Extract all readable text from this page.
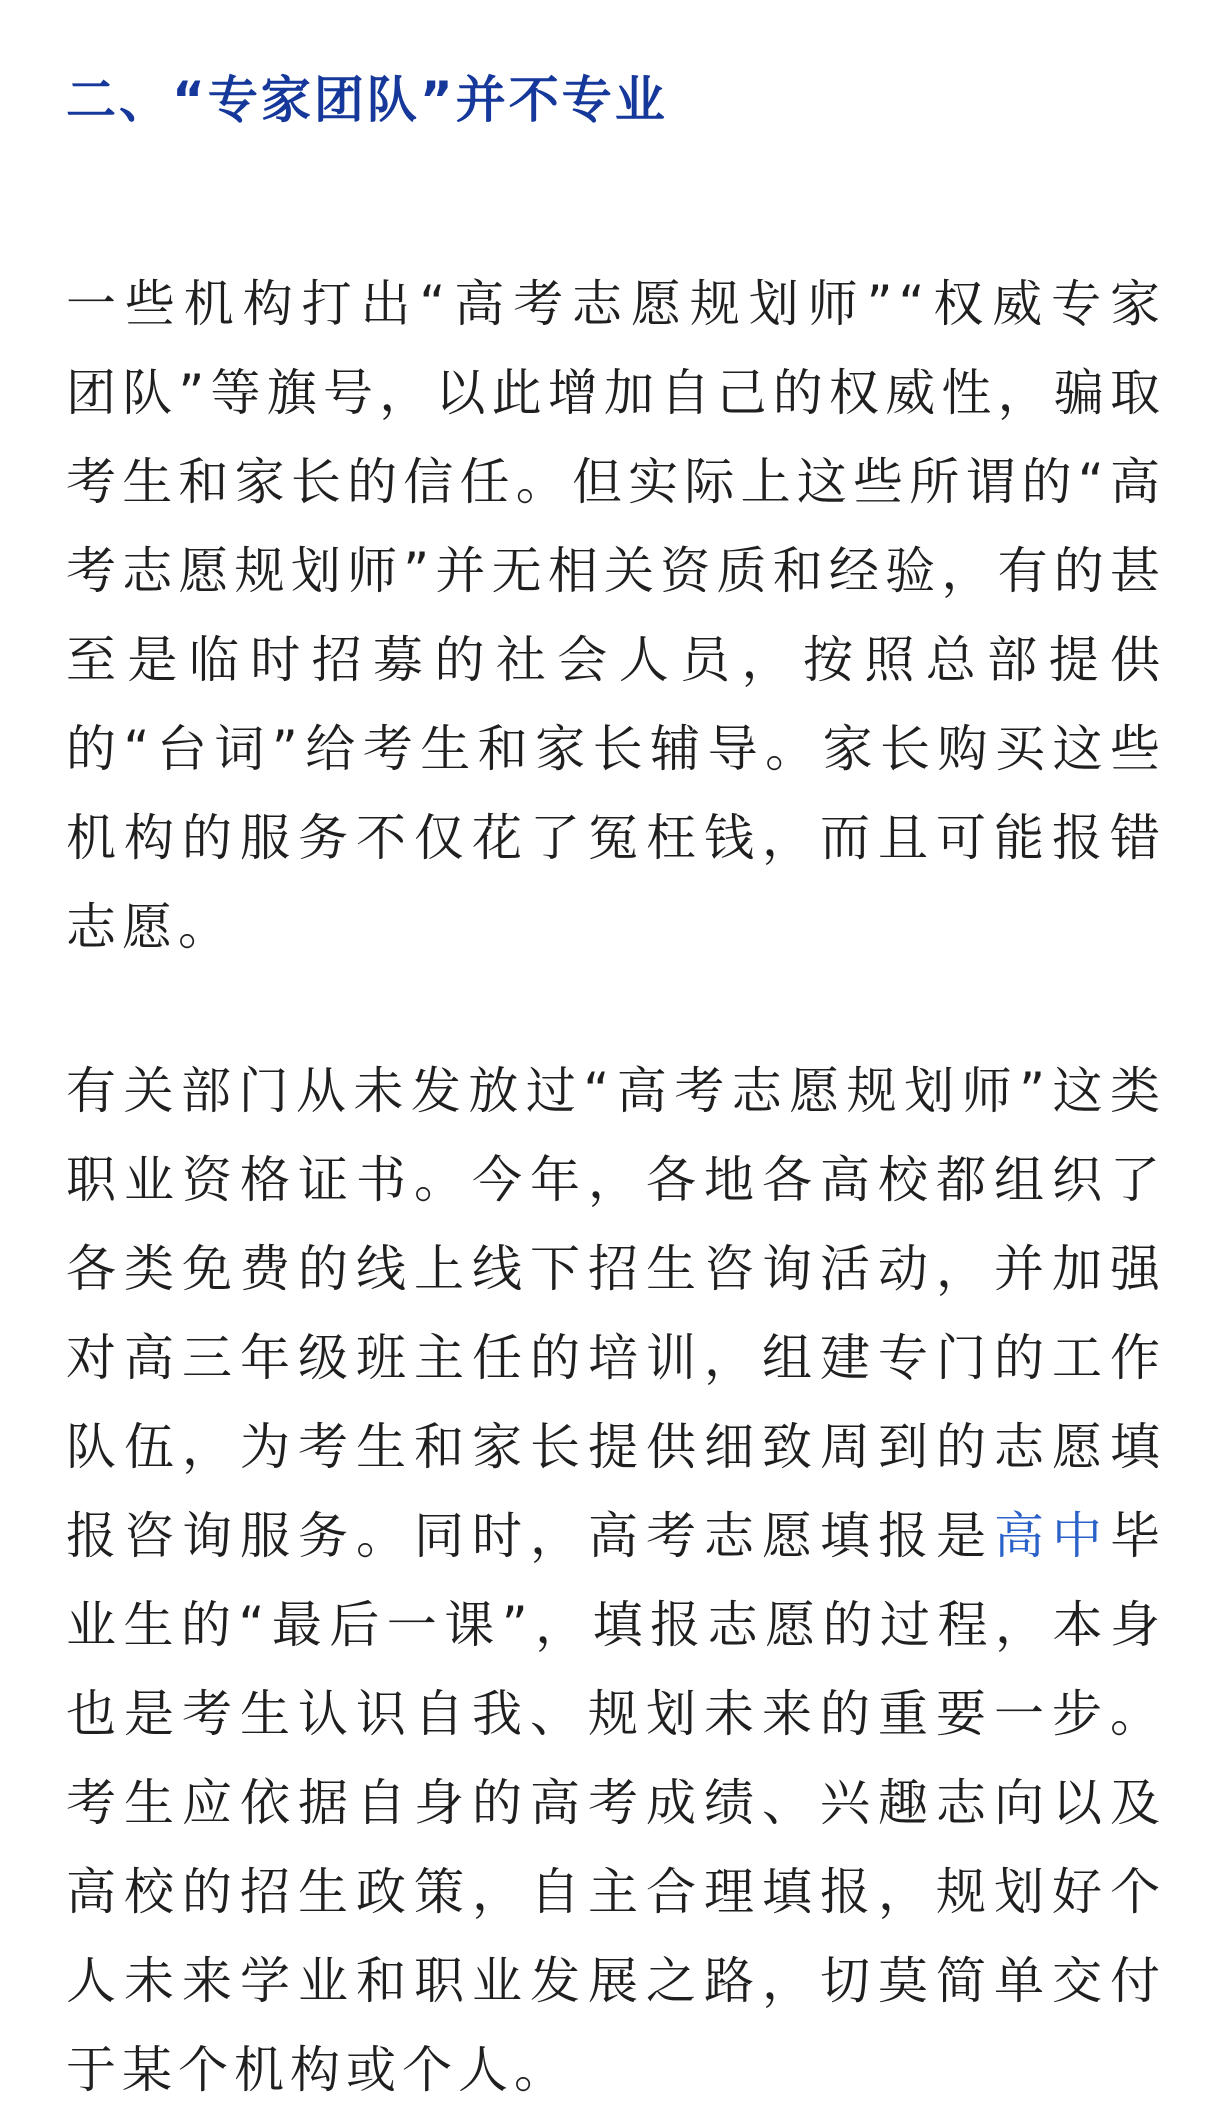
二、“专家团队”并不专业

一些机构打出“高考志愿规划师”“权威专家团队”等旗号，以此增加自己的权威性，骗取考生和家长的信任。但实际上这些所谓的“高考志愿规划师”并无相关资质和经验，有的甚至是临时招募的社会人员，按照总部提供的“台词”给考生和家长辅导。家长购买这些机构的服务不仅花了冤枉钱，而且可能报错志愿。

有关部门从未发放过“高考志愿规划师”这类职业资格证书。今年，各地各高校都组织了各类免费的线上线下招生咨询活动，并加强对高三年级班主任的培训，组建专门的工作队伍，为考生和家长提供细致周到的志愿填报咨询服务。同时，高考志愿填报是高中毕业生的“最后一课”，填报志愿的过程，本身也是考生认识自我、规划未来的重要一步。考生应依据自身的高考成绩、兴趣志向以及高校的招生政策，自主合理填报，规划好个人未来学业和职业发展之路，切莫简单交付于某个机构或个人。
